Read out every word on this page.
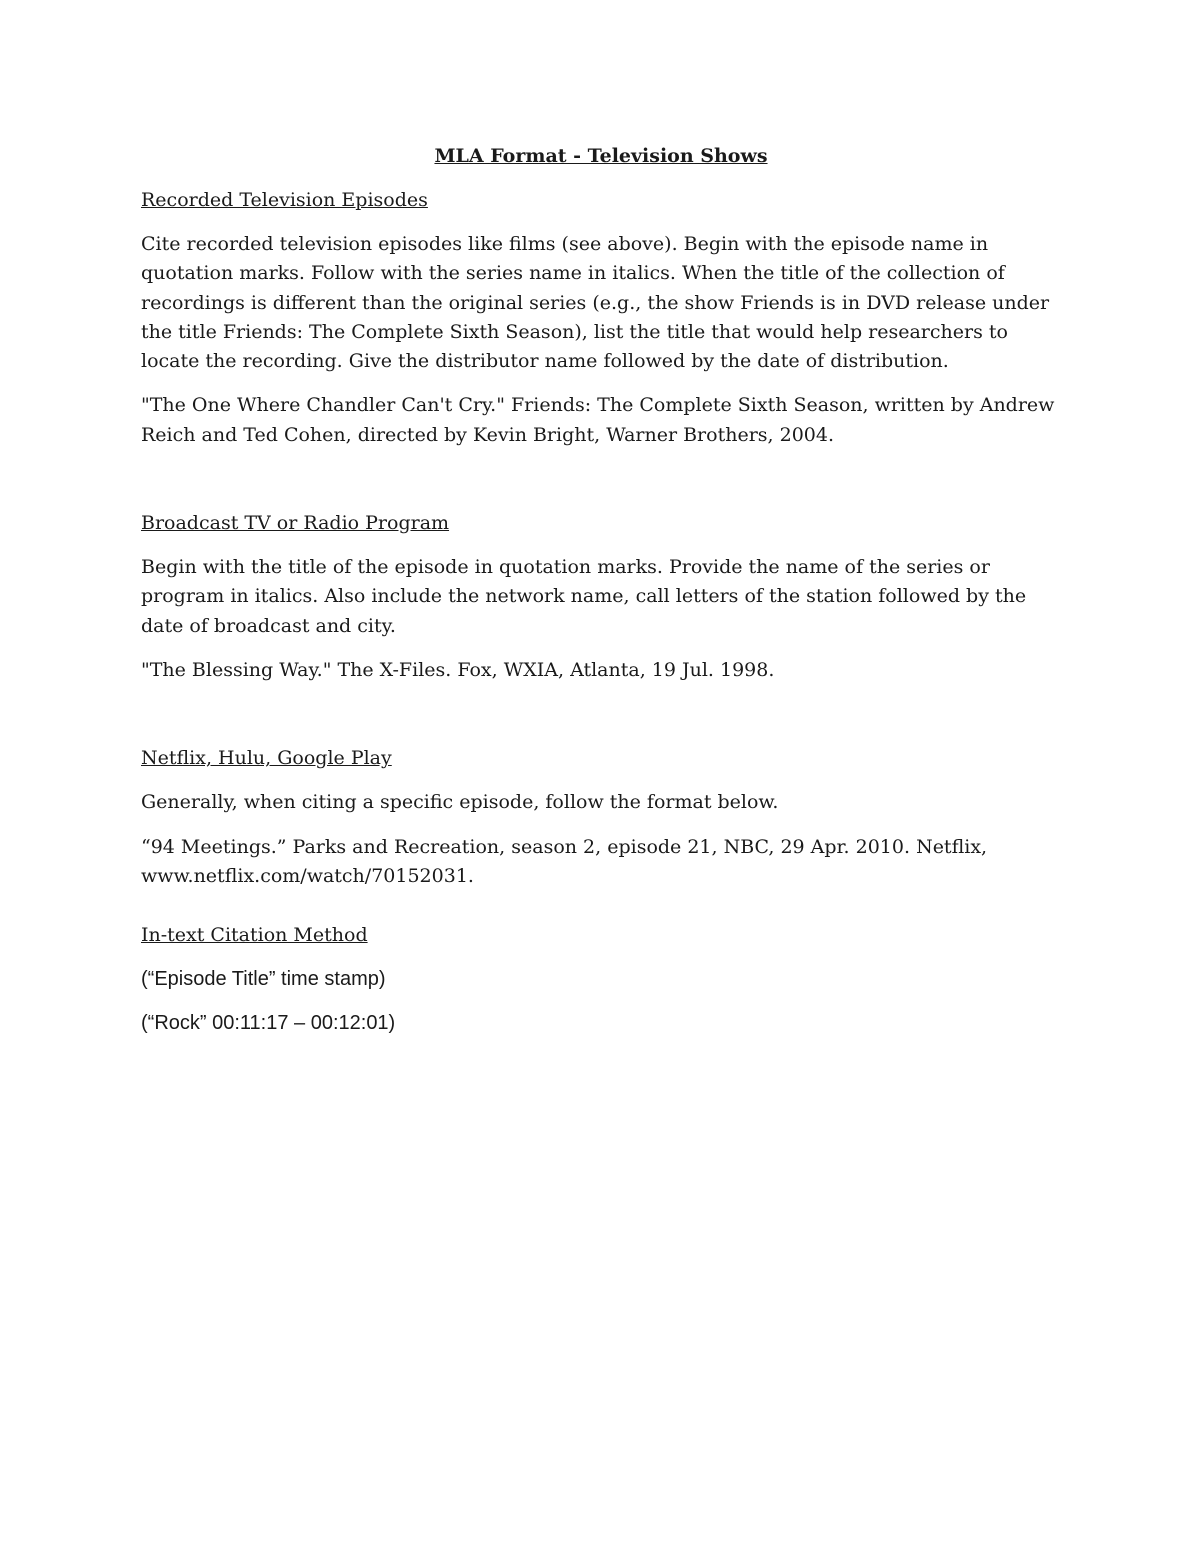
MLA Format - Television Shows
Recorded Television Episodes

Cite recorded television episodes like films (see above). Begin with the episode name in quotation marks. Follow with the series name in italics. When the title of the collection of recordings is different than the original series (e.g., the show Friends is in DVD release under the title Friends: The Complete Sixth Season), list the title that would help researchers to locate the recording. Give the distributor name followed by the date of distribution.

"The One Where Chandler Can't Cry." Friends: The Complete Sixth Season, written by Andrew Reich and Ted Cohen, directed by Kevin Bright, Warner Brothers, 2004.

Broadcast TV or Radio Program

Begin with the title of the episode in quotation marks. Provide the name of the series or program in italics. Also include the network name, call letters of the station followed by the date of broadcast and city.

"The Blessing Way." The X-Files. Fox, WXIA, Atlanta, 19 Jul. 1998.

Netflix, Hulu, Google Play

Generally, when citing a specific episode, follow the format below.

“94 Meetings.” Parks and Recreation, season 2, episode 21, NBC, 29 Apr. 2010. Netflix, www.netflix.com/watch/70152031.

In-text Citation Method

(“Episode Title” time stamp)

(“Rock” 00:11:17 – 00:12:01)
